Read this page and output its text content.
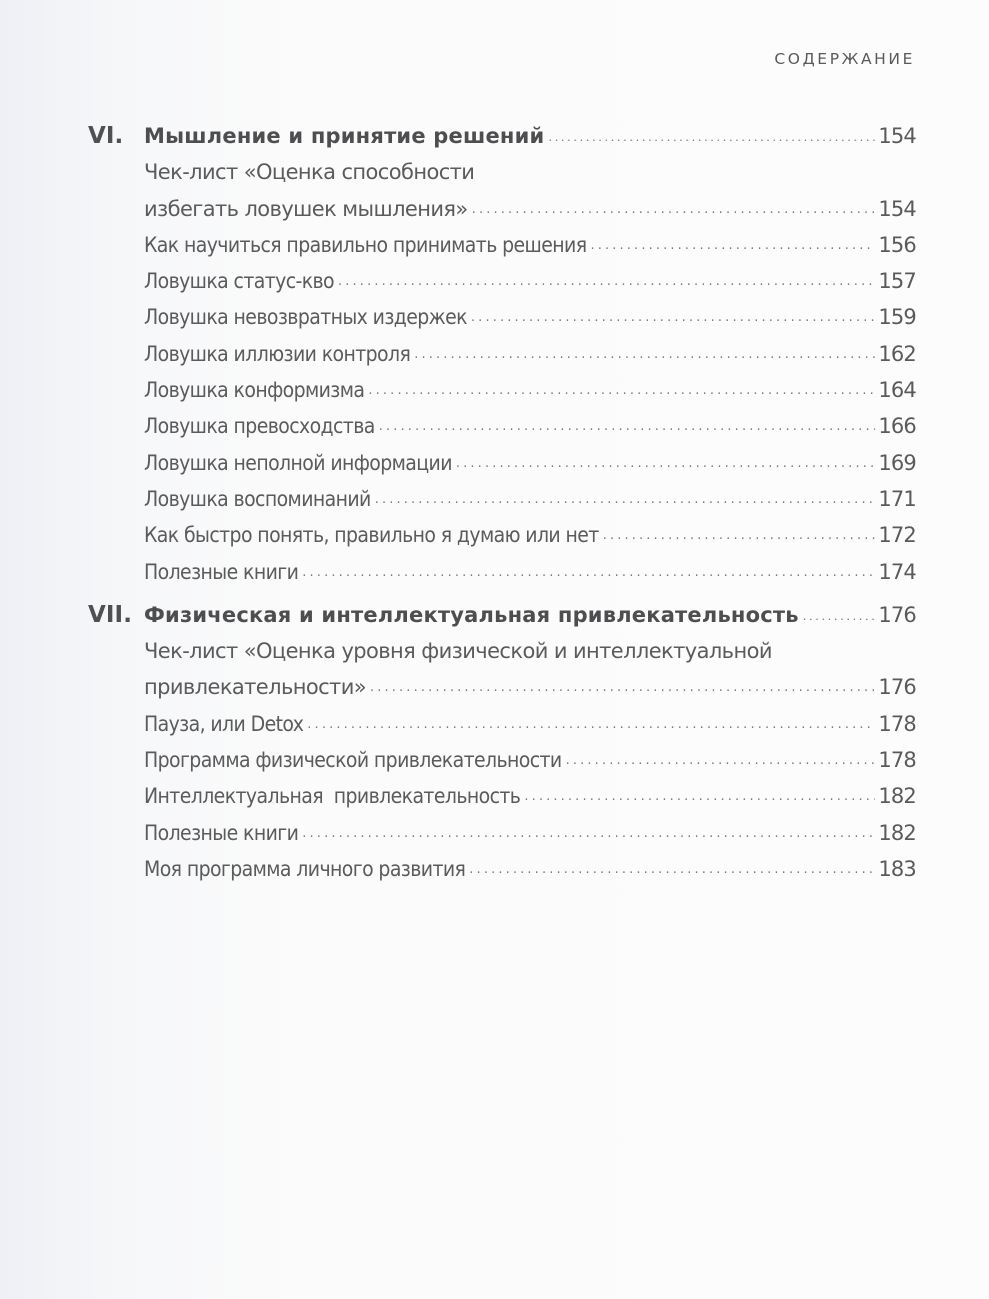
СОДЕРЖАНИЕ
VI. Мышление и принятие решений . . .	154
Чек-лист «Оценка способности
избегать ловушек мышления» . . .	154
Как научиться правильно принимать решения . . .	156
Ловушка статус-кво . . .	157
Ловушка невозвратных издержек . . .	159
Ловушка иллюзии контроля . . .	162
Ловушка конформизма . . .	164
Ловушка превосходства . . .	166
Ловушка неполной информации . . .	169
Ловушка воспоминаний . . .	171
Как быстро понять, правильно я думаю или нет . . .	172
Полезные книги . . .	174
VII. Физическая и интеллектуальная привлекательность . . .	176
Чек-лист «Оценка уровня физической и интеллектуальной
привлекательности» . . .	176
Пауза, или Detox . . .	178
Программа физической привлекательности . . .	178
Интеллектуальная  привлекательность . . .	182
Полезные книги . . .	182
Моя программа личного развития . . .	183
